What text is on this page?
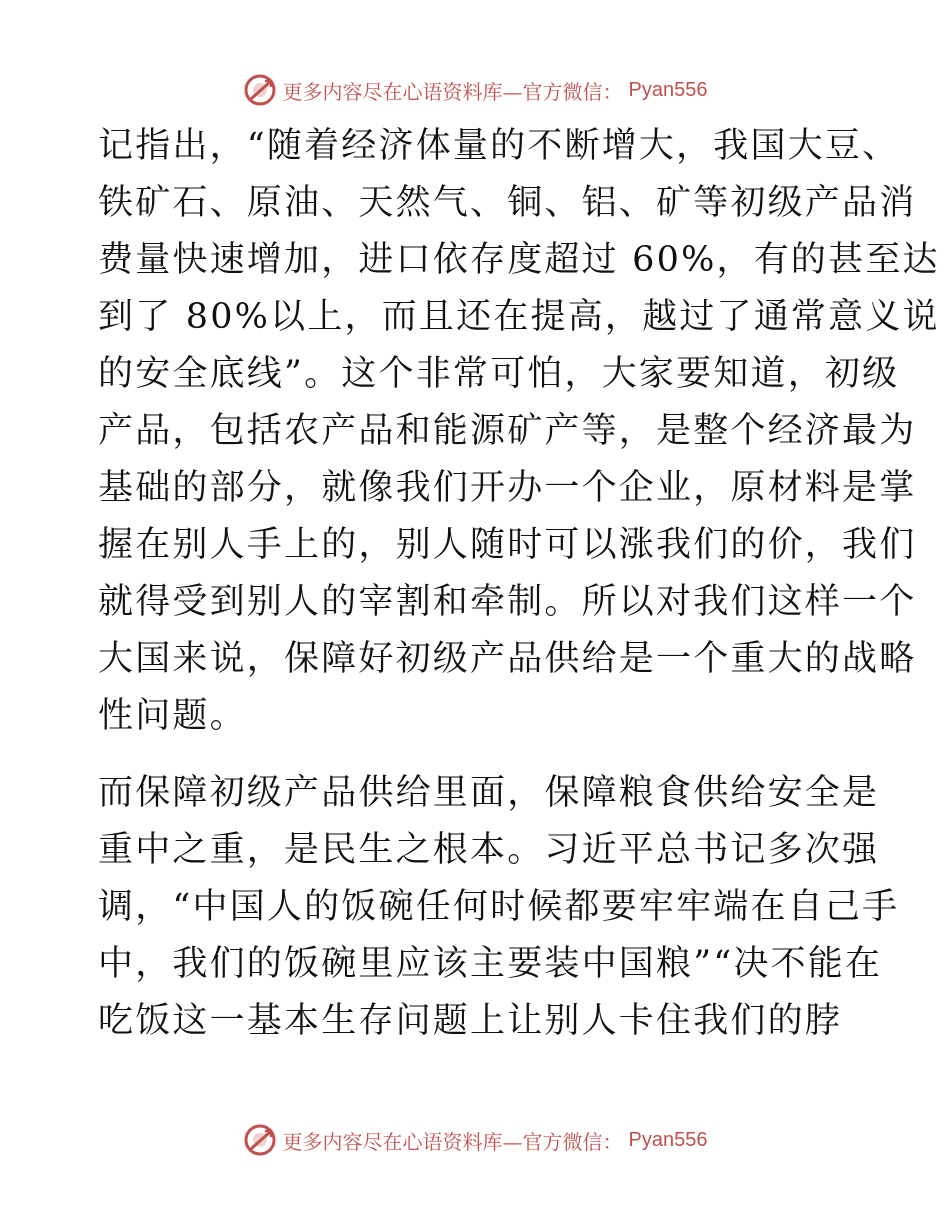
更多内容尽在心语资料库—官方微信： Pyan556
记指出，“随着经济体量的不断增大，我国大豆、
铁矿石、原油、天然气、铜、铝、矿等初级产品消
费量快速增加，进口依存度超过 60%，有的甚至达
到了 80%以上，而且还在提高，越过了通常意义说
的安全底线”。这个非常可怕，大家要知道，初级
产品，包括农产品和能源矿产等，是整个经济最为
基础的部分，就像我们开办一个企业，原材料是掌
握在别人手上的，别人随时可以涨我们的价，我们
就得受到别人的宰割和牵制。所以对我们这样一个
大国来说，保障好初级产品供给是一个重大的战略
性问题。
而保障初级产品供给里面，保障粮食供给安全是
重中之重，是民生之根本。习近平总书记多次强
调，“中国人的饭碗任何时候都要牢牢端在自己手
中，我们的饭碗里应该主要装中国粮”“决不能在
吃饭这一基本生存问题上让别人卡住我们的脖
更多内容尽在心语资料库—官方微信： Pyan556
